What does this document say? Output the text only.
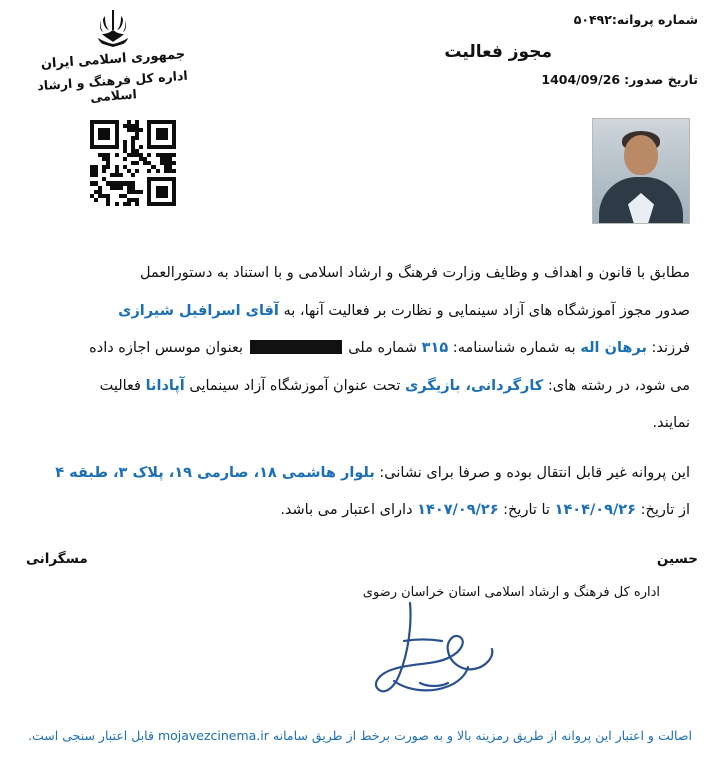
شماره پروانه:۵۰۴۹۲
مجوز فعالیت
تاریخ صدور:1404/09/26
جمهوری اسلامی ایران
اداره کل فرهنگ و ارشاد اسلامی

مطابق با قانون و اهداف و وظایف وزارت فرهنگ و ارشاد اسلامی و با استناد به دستورالعمل

صدور مجوز آموزشگاه های آزاد سینمایی و نظارت بر فعالیت آنها، به آقای اسرافیل شیرازی

فرزند: برهان اله به شماره شناسنامه: ۳۱۵ شماره ملی  بعنوان موسس اجازه داده

می شود، در رشته های: کارگردانی، بازیگری تحت عنوان آموزشگاه آزاد سینمایی آپادانا فعالیت

نمایند.

این پروانه غیر قابل انتقال بوده و صرفا برای نشانی: بلوار هاشمی ۱۸، صارمی ۱۹، پلاک ۳، طبقه ۴

از تاریخ: ۱۴۰۴/۰۹/۲۶ تا تاریخ: ۱۴۰۷/۰۹/۲۶ دارای اعتبار می باشد.

حسین
مسگرانی
اداره کل فرهنگ و ارشاد اسلامی استان خراسان رضوی
اصالت و اعتبار این پروانه از طریق رمزینه بالا و به صورت برخط از طریق سامانه mojavezcinema.ir قابل اعتبار سنجی است.
